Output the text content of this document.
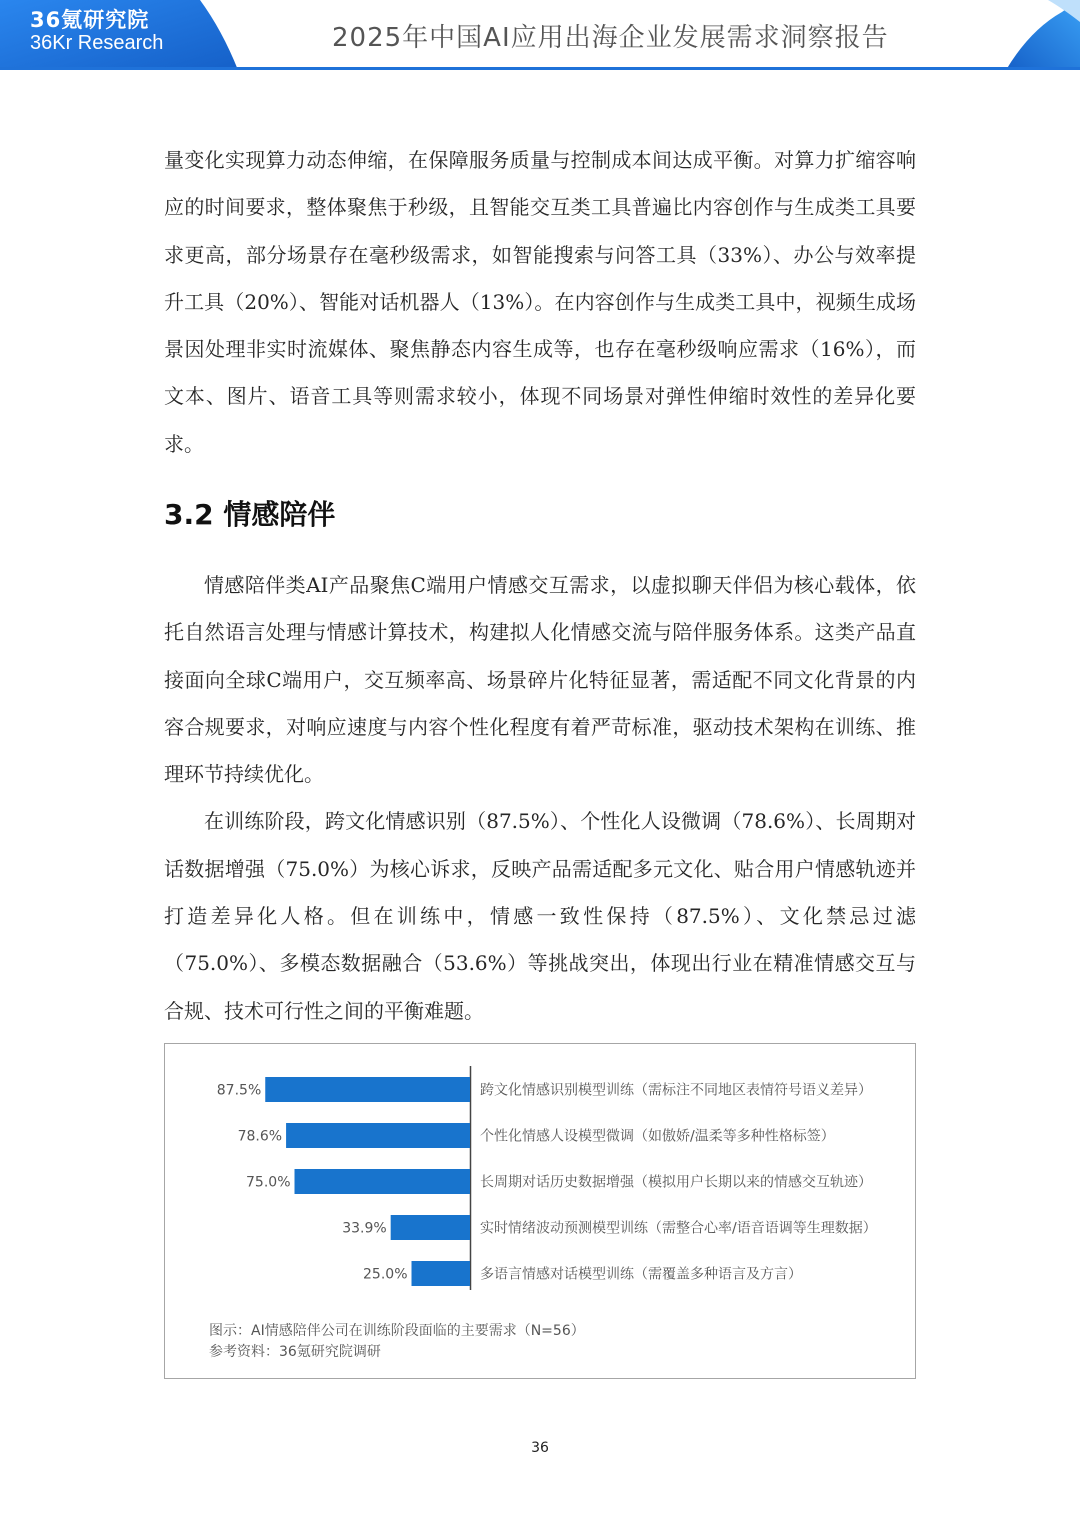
36氪研究院
36Kr Research	2025年中国AI应用出海企业发展需求洞察报告

量变化实现算力动态伸缩，在保障服务质量与控制成本间达成平衡。对算力扩缩容响应的时间要求，整体聚焦于秒级，且智能交互类工具普遍比内容创作与生成类工具要求更高，部分场景存在毫秒级需求，如智能搜索与问答工具（33%）、办公与效率提升工具（20%）、智能对话机器人（13%）。在内容创作与生成类工具中，视频生成场景因处理非实时流媒体、聚焦静态内容生成等，也存在毫秒级响应需求（16%），而文本、图片、语音工具等则需求较小，体现不同场景对弹性伸缩时效性的差异化要求。

3.2 情感陪伴

情感陪伴类AI产品聚焦C端用户情感交互需求，以虚拟聊天伴侣为核心载体，依托自然语言处理与情感计算技术，构建拟人化情感交流与陪伴服务体系。这类产品直接面向全球C端用户，交互频率高、场景碎片化特征显著，需适配不同文化背景的内容合规要求，对响应速度与内容个性化程度有着严苛标准，驱动技术架构在训练、推理环节持续优化。

在训练阶段，跨文化情感识别（87.5%）、个性化人设微调（78.6%）、长周期对话数据增强（75.0%）为核心诉求，反映产品需适配多元文化、贴合用户情感轨迹并打造差异化人格。但在训练中，情感一致性保持（87.5%）、文化禁忌过滤（75.0%）、多模态数据融合（53.6%）等挑战突出，体现出行业在精准情感交互与合规、技术可行性之间的平衡难题。

87.5%	跨文化情感识别模型训练（需标注不同地区表情符号语义差异）
78.6%	个性化情感人设模型微调（如傲娇/温柔等多种性格标签）
75.0%	长周期对话历史数据增强（模拟用户长期以来的情感交互轨迹）
33.9%	实时情绪波动预测模型训练（需整合心率/语音语调等生理数据）
25.0%	多语言情感对话模型训练（需覆盖多种语言及方言）
图示：AI情感陪伴公司在训练阶段面临的主要需求（N=56）
参考资料：36氪研究院调研
36
